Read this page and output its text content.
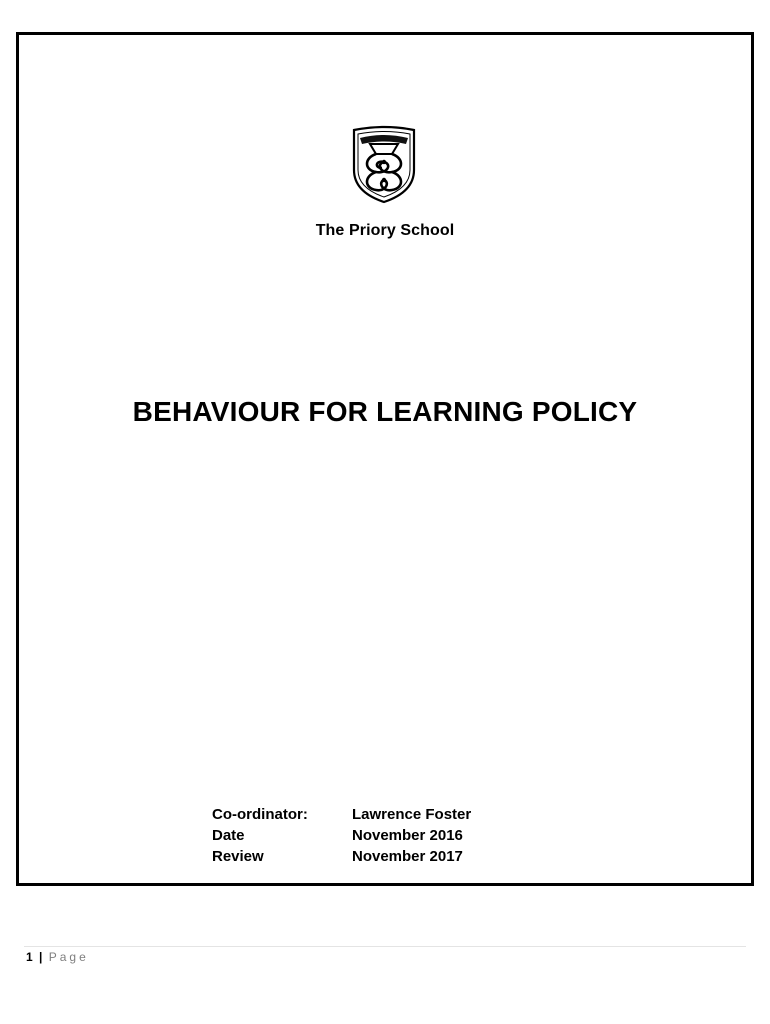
The Priory School
BEHAVIOUR FOR LEARNING POLICY
Co-ordinator:	Lawrence Foster
Date	November 2016
Review	November 2017
1 | Page
